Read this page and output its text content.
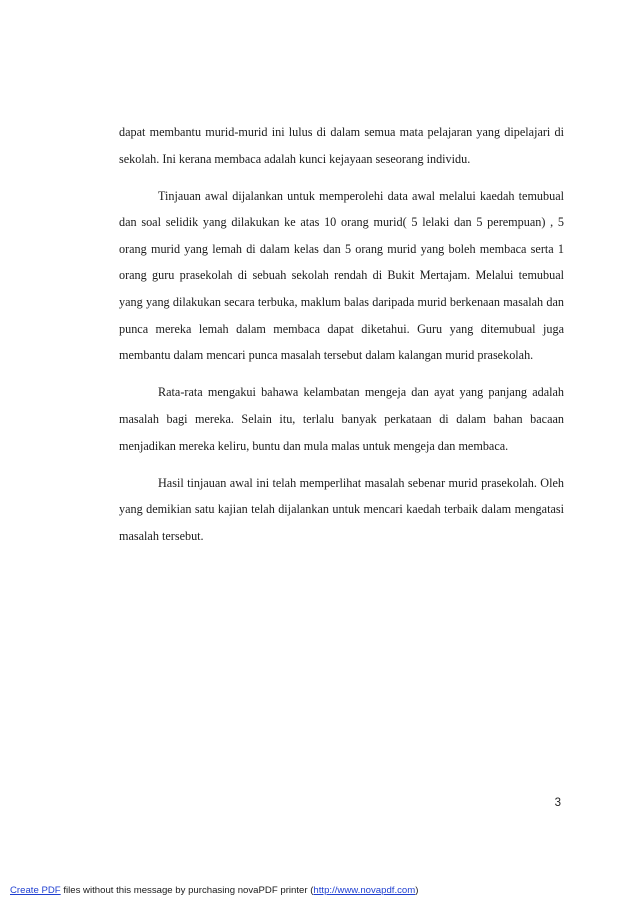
dapat membantu murid-murid ini lulus di dalam semua mata pelajaran yang dipelajari di sekolah. Ini kerana membaca adalah kunci kejayaan seseorang individu.

Tinjauan awal dijalankan untuk memperolehi data awal melalui kaedah temubual dan soal selidik yang dilakukan ke atas 10 orang murid( 5 lelaki dan 5 perempuan) , 5 orang murid yang lemah di dalam kelas dan 5 orang murid yang boleh membaca serta 1 orang guru prasekolah di sebuah sekolah rendah di Bukit Mertajam. Melalui temubual yang yang dilakukan secara terbuka, maklum balas daripada murid berkenaan masalah dan punca mereka lemah dalam membaca dapat diketahui. Guru yang ditemubual juga membantu dalam mencari punca masalah tersebut dalam kalangan murid prasekolah.

Rata-rata mengakui bahawa kelambatan mengeja dan ayat yang panjang adalah masalah bagi mereka. Selain itu, terlalu banyak perkataan di dalam bahan bacaan menjadikan mereka keliru, buntu dan mula malas untuk mengeja dan membaca.

Hasil tinjauan awal ini telah memperlihat masalah sebenar murid prasekolah. Oleh yang demikian satu kajian telah dijalankan untuk mencari kaedah terbaik dalam mengatasi masalah tersebut.

3
Create PDF files without this message by purchasing novaPDF printer (http://www.novapdf.com)
